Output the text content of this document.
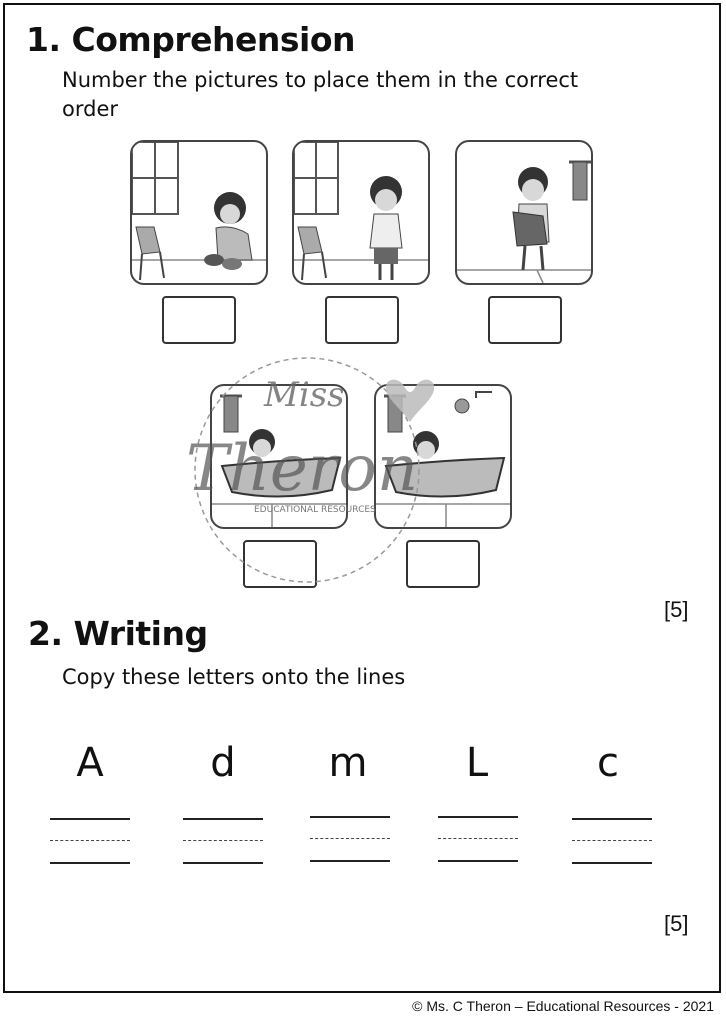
1. Comprehension
Number the pictures to place them in the correct
order
Miss
Theron
EDUCATIONAL RESOURCES
[5]
2. Writing
Copy these letters onto the lines
A	d	m	L	c
[5]
© Ms. C Theron – Educational Resources - 2021
